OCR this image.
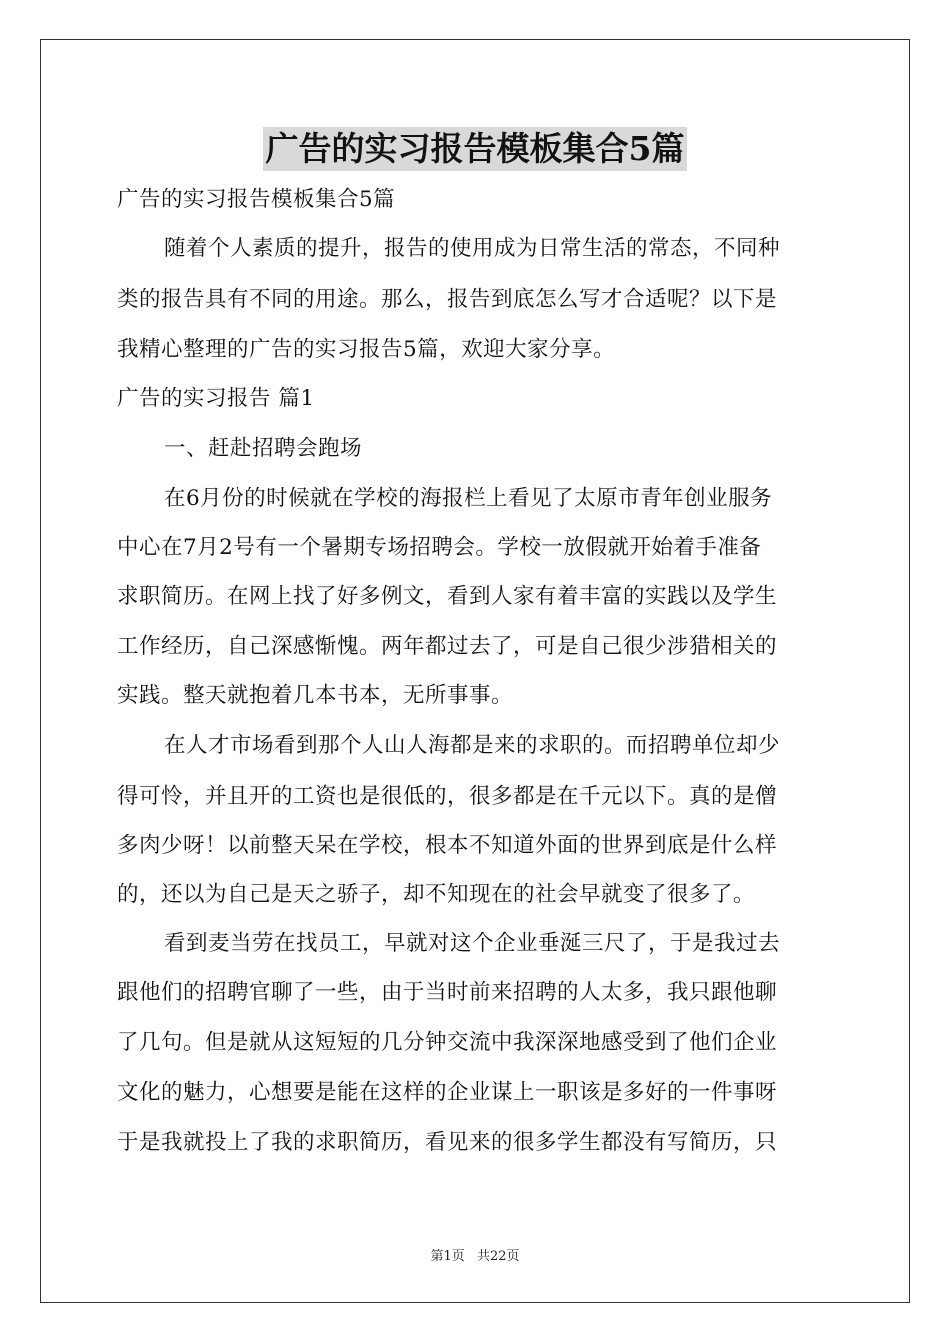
广告的实习报告模板集合5篇
广告的实习报告模板集合5篇
随着个人素质的提升，报告的使用成为日常生活的常态，不同种
类的报告具有不同的用途。那么，报告到底怎么写才合适呢？以下是
我精心整理的广告的实习报告5篇，欢迎大家分享。
广告的实习报告 篇1
一、赶赴招聘会跑场
在6月份的时候就在学校的海报栏上看见了太原市青年创业服务
中心在7月2号有一个暑期专场招聘会。学校一放假就开始着手准备
求职简历。在网上找了好多例文，看到人家有着丰富的实践以及学生
工作经历，自己深感惭愧。两年都过去了，可是自己很少涉猎相关的
实践。整天就抱着几本书本，无所事事。
在人才市场看到那个人山人海都是来的求职的。而招聘单位却少
得可怜，并且开的工资也是很低的，很多都是在千元以下。真的是僧
多肉少呀！以前整天呆在学校，根本不知道外面的世界到底是什么样
的，还以为自己是天之骄子，却不知现在的社会早就变了很多了。
看到麦当劳在找员工，早就对这个企业垂涎三尺了，于是我过去
跟他们的招聘官聊了一些，由于当时前来招聘的人太多，我只跟他聊
了几句。但是就从这短短的几分钟交流中我深深地感受到了他们企业
文化的魅力，心想要是能在这样的企业谋上一职该是多好的一件事呀
于是我就投上了我的求职简历，看见来的很多学生都没有写简历，只
第1页 共22页
